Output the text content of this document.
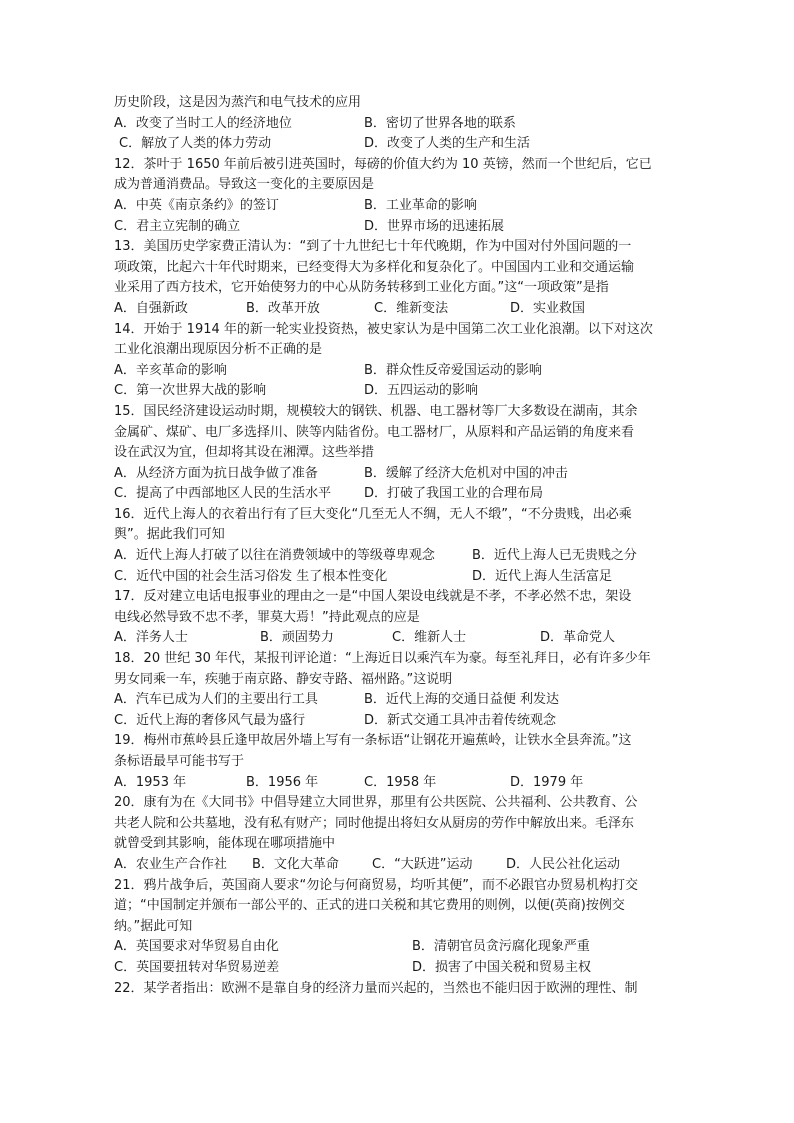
历史阶段，这是因为蒸汽和电气技术的应用
A．改变了当时工人的经济地位	B．密切了世界各地的联系
C．解放了人类的体力劳动	D．改变了人类的生产和生活
12．茶叶于 1650 年前后被引进英国时，每磅的价值大约为 10 英镑，然而一个世纪后，它已
成为普通消费品。导致这一变化的主要原因是
A．中英《南京条约》的签订	B．工业革命的影响
C．君主立宪制的确立	D．世界市场的迅速拓展
13．美国历史学家费正清认为：“到了十九世纪七十年代晚期，作为中国对付外国问题的一
项政策，比起六十年代时期来，已经变得大为多样化和复杂化了。中国国内工业和交通运输
业采用了西方技术，它开始使努力的中心从防务转移到工业化方面。”这“一项政策”是指
A．自强新政	B．改革开放	C．维新变法	D．实业救国
14．开始于 1914 年的新一轮实业投资热，被史家认为是中国第二次工业化浪潮。以下对这次
工业化浪潮出现原因分析不正确的是
A．辛亥革命的影响	B．群众性反帝爱国运动的影响
C．第一次世界大战的影响	D．五四运动的影响
15．国民经济建设运动时期，规模较大的钢铁、机器、电工器材等厂大多数设在湖南，其余
金属矿、煤矿、电厂多选择川、陕等内陆省份。电工器材厂，从原料和产品运销的角度来看
设在武汉为宜，但却将其设在湘潭。这些举措
A．从经济方面为抗日战争做了准备	B．缓解了经济大危机对中国的冲击
C．提高了中西部地区人民的生活水平	D．打破了我国工业的合理布局
16．近代上海人的衣着出行有了巨大变化“几至无人不绸，无人不缎”，“不分贵贱，出必乘
舆”。据此我们可知
A．近代上海人打破了以往在消费领域中的等级尊卑观念	B．近代上海人已无贵贱之分
C．近代中国的社会生活习俗发 生了根本性变化	D．近代上海人生活富足
17．反对建立电话电报事业的理由之一是“中国人架设电线就是不孝，不孝必然不忠，架设
电线必然导致不忠不孝，罪莫大焉！”持此观点的应是
A．洋务人士	B．顽固势力	C．维新人士	D．革命党人
18．20 世纪 30 年代，某报刊评论道：“上海近日以乘汽车为豪。每至礼拜日，必有许多少年
男女同乘一车，疾驰于南京路、静安寺路、福州路。”这说明
A．汽车已成为人们的主要出行工具	B．近代上海的交通日益便 利发达
C．近代上海的奢侈风气最为盛行	D．新式交通工具冲击着传统观念
19．梅州市蕉岭县丘逢甲故居外墙上写有一条标语“让钢花开遍蕉岭，让铁水全县奔流。”这
条标语最早可能书写于
A．1953 年	B．1956 年	C．1958 年	D．1979 年
20．康有为在《大同书》中倡导建立大同世界，那里有公共医院、公共福利、公共教育、公
共老人院和公共墓地，没有私有财产；同时他提出将妇女从厨房的劳作中解放出来。毛泽东
就曾受到其影响，能体现在哪项措施中
A．农业生产合作社 B．文化大革命	C．“大跃进”运动	D．人民公社化运动
21．鸦片战争后，英国商人要求“勿论与何商贸易，均听其便”，而不必跟官办贸易机构打交
道；“中国制定并颁布一部公平的、正式的进口关税和其它费用的则例，以便(英商)按例交
纳。”据此可知
A．英国要求对华贸易自由化	B．清朝官员贪污腐化现象严重
C．英国要扭转对华贸易逆差	D．损害了中国关税和贸易主权
22．某学者指出：欧洲不是靠自身的经济力量而兴起的，当然也不能归因于欧洲的理性、制
